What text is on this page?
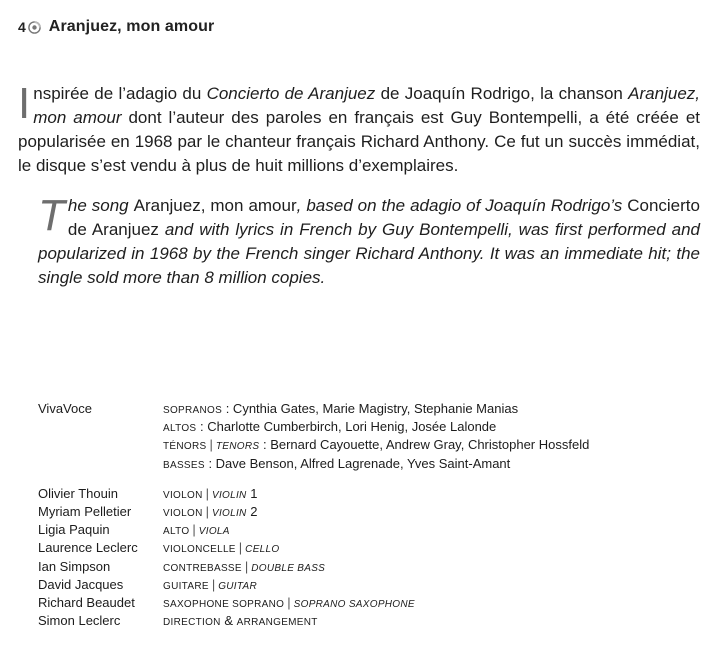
4 Aranjuez, mon amour
Inspirée de l’adagio du Concierto de Aranjuez de Joaquín Rodrigo, la chanson Aranjuez, mon amour dont l’auteur des paroles en français est Guy Bontempelli, a été créée et popularisée en 1968 par le chanteur français Richard Anthony. Ce fut un succès immédiat, le disque s’est vendu à plus de huit millions d’exemplaires.
The song Aranjuez, mon amour, based on the adagio of Joaquín Rodrigo’s Concierto de Aranjuez and with lyrics in French by Guy Bontempelli, was first performed and popularized in 1968 by the French singer Richard Anthony. It was an immediate hit; the single sold more than 8 million copies.
VivaVoce	SOPRANOS : Cynthia Gates, Marie Magistry, Stephanie Manias
ALTOS : Charlotte Cumberbirch, Lori Henig, Josée Lalonde
TÉNORS | TENORS : Bernard Cayouette, Andrew Gray, Christopher Hossfeld
BASSES : Dave Benson, Alfred Lagrenade, Yves Saint-Amant
Olivier Thouin	VIOLON | VIOLIN 1
Myriam Pelletier	VIOLON | VIOLIN 2
Ligia Paquin	ALTO | VIOLA
Laurence Leclerc	VIOLONCELLE | CELLO
Ian Simpson	CONTREBASSE | DOUBLE BASS
David Jacques	GUITARE | GUITAR
Richard Beaudet	SAXOPHONE SOPRANO | SOPRANO SAXOPHONE
Simon Leclerc	DIRECTION & ARRANGEMENT
